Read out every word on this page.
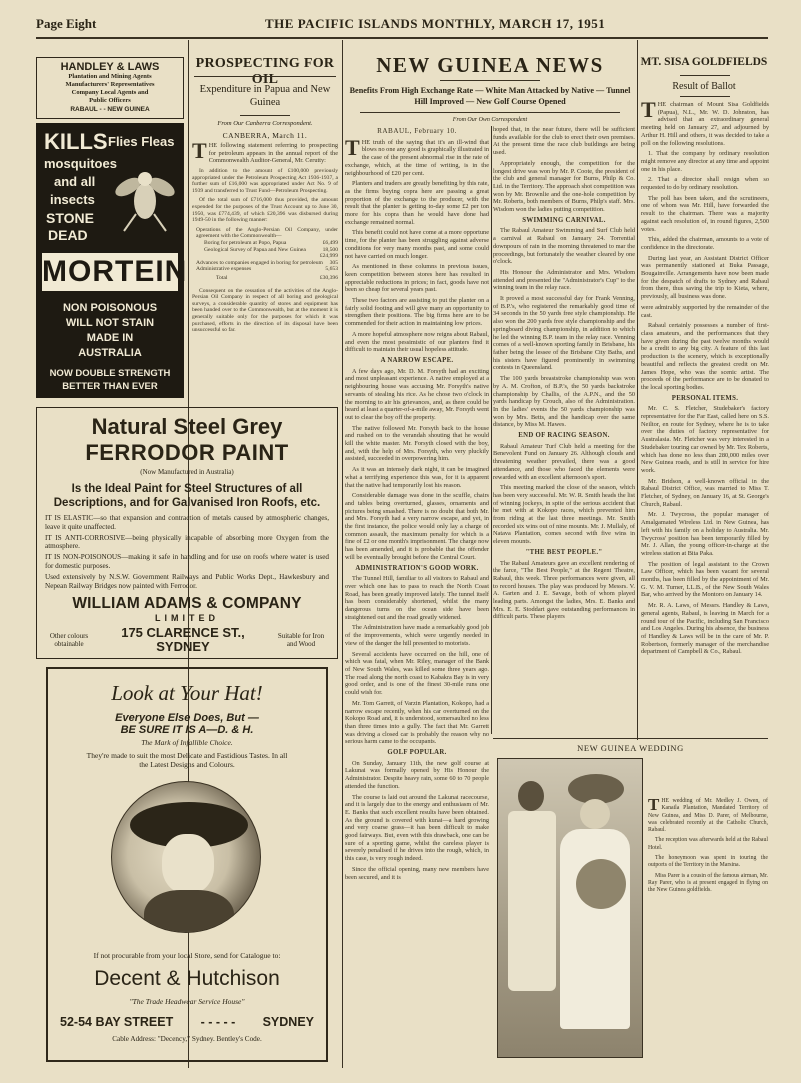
Page Eight	THE PACIFIC ISLANDS MONTHLY, MARCH 17, 1951
HANDLEY & LAWS
Plantation and Mining Agents
Manufacturers' Representatives
Company Local Agents and
Public Officers
RABAUL - - NEW GUINEA
KILLS Flies Fleas
mosquitoes
and all
insects
STONE
DEAD
MORTEIN
NON POISONOUS
WILL NOT STAIN
MADE IN
AUSTRALIA
NOW DOUBLE STRENGTH
BETTER THAN EVER
PROSPECTING FOR OIL
Expenditure in Papua and New Guinea
From Our Canberra Correspondent.
CANBERRA, March 11.

THE following statement referring to prospecting for petroleum appears in the annual report of the Commonwealth Auditor-General, Mr. Cerutty:

In addition to the amount of £100,000 previously appropriated under the Petroleum Prospecting Act 1936-1937, a further sum of £16,000 was appropriated under Act No. 9 of 1939 and transferred to Trust Fund—Petroleum Prospecting.

Of the total sum of £716,000 thus provided, the amount expended for the purposes of the Trust Account up to June 30, 1950, was £774,439, of which £20,396 was disbursed during 1949-50 in the following manner:

Operations of the Anglo-Persian Oil Company, under agreement with the Commonwealth—
Boring for petroleum at Popo, Papua	£6,499
Geological Survey of Papua and New Guinea	18,500
£24,999
Advances to companies engaged in boring for petroleum 305
Administrative expenses	5,653
Total	£30,396

Consequent on the cessation of the activities of the Anglo-Persian Oil Company in respect of all boring and geological surveys, a considerable quantity of stores and equipment has been handed over to the Commonwealth, but at the moment it is generally suitable only for the purposes for which it was purchased, efforts in the direction of its disposal have been unsuccessful so far.

Natural Steel Grey
FERRODOR PAINT
(Now Manufactured in Australia)
Is the Ideal Paint for Steel Structures of all Descriptions, and for Galvanised Iron Roofs, etc.
IT IS ELASTIC—so that expansion and contraction of metals caused by atmospheric changes, leave it quite unaffected.
IT IS ANTI-CORROSIVE—being physically incapable of absorbing more Oxygen from the atmosphere.
IT IS NON-POISONOUS—making it safe in handling and for use on roofs where water is used for domestic purposes.
Used extensively by N.S.W. Government Railways and Public Works Dept., Hawkesbury and Nepean Railway Bridges now painted with Ferrodor.
WILLIAM ADAMS & COMPANY
LIMITED
Other colours obtainable
175 CLARENCE ST.,
SYDNEY
Suitable for Iron and Wood
Look at Your Hat!
Everyone Else Does, But —
BE SURE IT IS A—D. & H.
The Mark of Infallible Choice.
They're made to suit the most Delicate and Fastidious Tastes. In all
the Latest Designs and Colours.
If not procurable from your local Store, send for Catalogue to:
Decent & Hutchison
"The Trade Headwear Service House"
52-54 BAY STREET - - - - - SYDNEY
Cable Address: "Decency," Sydney. Bentley's Code.
NEW GUINEA NEWS
Benefits From High Exchange Rate — White Man Attacked by Native — Tunnel Hill Improved — New Golf Course Opened
From Our Own Correspondent
RABAUL, February 10.

THE truth of the saying that it's an ill-wind that blows no one any good is graphically illustrated in the case of the present abnormal rise in the rate of exchange, which, at the time of writing, is in the neighbourhood of £20 per cent.

Planters and traders are greatly benefiting by this rate, as the firms buying copra here are passing a great proportion of the exchange to the producer, with the result that the planter is getting to-day some £2 per ton more for his copra than he would have done had exchange remained normal.

This benefit could not have come at a more opportune time, for the planter has been struggling against adverse conditions for very many months past, and some could not have carried on much longer.

As mentioned in these columns in previous issues, keen competition between stores here has resulted in appreciable reductions in prices; in fact, goods have not been so cheap for several years past.

These two factors are assisting to put the planter on a fairly solid footing and will give many an opportunity to strengthen their positions. The big firms here are to be commended for their action in maintaining low prices.

A more hopeful atmosphere now reigns about Rabaul, and even the most pessimistic of our planters find it difficult to maintain their usual hopeless attitude.

A NARROW ESCAPE.

A few days ago, Mr. D. M. Forsyth had an exciting and most unpleasant experience. A native employed at a neighbouring house was accusing Mr. Forsyth's native servants of stealing his rice. As he chose two o'clock in the morning to air his grievances, and, as there could be heard at least a quarter-of-a-mile away, Mr. Forsyth went out to clear the boy off the property.

The native followed Mr. Forsyth back to the house and rushed on to the verandah shouting that he would kill the white master. Mr. Forsyth closed with the boy, and, with the help of Mrs. Forsyth, who very pluckily assisted, succeeded in overpowering him.

As it was an intensely dark night, it can be imagined what a terrifying experience this was, for it is apparent that the native had temporarily lost his reason.

Considerable damage was done in the scuffle, chairs and tables being overturned, glasses, ornaments and pictures being smashed. There is no doubt that both Mr. and Mrs. Forsyth had a very narrow escape, and yet, in the first instance, the police would only lay a charge of common assault, the maximum penalty for which is a fine of £2 or one month's imprisonment. The charge now has been amended, and it is probable that the offender will be eventually brought before the Central Court.

ADMINISTRATION'S GOOD WORK.

The Tunnel Hill, familiar to all visitors to Rabaul and over which one has to pass to reach the North Coast Road, has been greatly improved lately. The tunnel itself has been considerably shortened, whilst the many dangerous turns on the ocean side have been straightened out and the road greatly widened.

The Administration have made a remarkably good job of the improvements, which were urgently needed in view of the danger the hill presented to motorists.

Several accidents have occurred on the hill, one of which was fatal, when Mr. Riley, manager of the Bank of New South Wales, was killed some three years ago. The road along the north coast to Kabakra Bay is in very good order, and is one of the finest 30-mile runs one could wish for.

Mr. Tom Garrett, of Varzin Plantation, Kokopo, had a narrow escape recently, when his car overturned on the Kokopo Road and, it is understood, somersaulted no less than three times into a gully. The fact that Mr. Garrett was driving a closed car is probably the reason why no serious harm came to the occupants.

GOLF POPULAR.

On Sunday, January 11th, the new golf course at Lakunai was formally opened by His Honour the Administrator. Despite heavy rain, some 60 to 70 people attended the function.

The course is laid out around the Lakunai racecourse, and it is largely due to the energy and enthusiasm of Mr. E. Banks that such excellent results have been obtained. As the ground is covered with kunai—a hard growing and very coarse grass—it has been difficult to make good fairways. But, even with this drawback, one can be sure of a sporting game, whilst the careless player is severely penalised if he drives into the rough, which, in this case, is very rough indeed.

Since the official opening, many new members have been secured, and it is

hoped that, in the near future, there will be sufficient funds available for the club to erect their own premises. At the present time the race club buildings are being used.

Appropriately enough, the competition for the longest drive was won by Mr. P. Coote, the president of the club and general manager for Burns, Philp & Co. Ltd. in the Territory. The approach shot competition was won by Mr. Brownlie and the one-hole competition by Mr. Roberts, both members of Burns, Philp's staff. Mrs. Wisdom won the ladies putting competition.

SWIMMING CARNIVAL.

The Rabaul Amateur Swimming and Surf Club held a carnival at Rabaul on January 24. Torrential downpours of rain in the morning threatened to mar the proceedings, but fortunately the weather cleared by one o'clock.

His Honour the Administrator and Mrs. Wisdom attended and presented the "Administrator's Cup" to the winning team in the relay race.

It proved a most successful day for Frank Venning, of B.P.'s, who registered the remarkably good time of 34 seconds in the 50 yards free style championship. He also won the 200 yards free style championship and the springboard diving championship, in addition to which he led the winning B.P. team in the relay race. Venning comes of a well-known sporting family in Brisbane, his father being the lessee of the Brisbane City Baths, and his sisters have figured prominently in swimming contests in Queensland.

The 100 yards breaststroke championship was won by A. M. Crofton, of B.P.'s, the 50 yards backstroke championship by Challis, of the A.P.N., and the 50 yards handicap by Crouch, also of the Administration. In the ladies' events the 50 yards championship was won by Mrs. Betts, and the handicap over the same distance, by Miss M. Hawes.

END OF RACING SEASON.

Rabaul Amateur Turf Club held a meeting for the Benevolent Fund on January 26. Although clouds and threatening weather prevailed, there was a good attendance, and those who faced the elements were rewarded with an excellent afternoon's sport.

This meeting marked the close of the season, which has been very successful. Mr. W. R. Smith heads the list of winning jockeys, in spite of the serious accident that he met with at Kokopo races, which prevented him from riding at the last three meetings. Mr. Smith recorded six wins out of nine mounts. Mr. J. Mullaly, of Natava Plantation, comes second with five wins in eleven mounts.

"THE BEST PEOPLE."

The Rabaul Amateurs gave an excellent rendering of the farce, "The Best People," at the Regent Theatre, Rabaul, this week. Three performances were given, all to record houses. The play was produced by Messrs. V. A. Garten and J. E. Savage, both of whom played leading parts. Amongst the ladies, Mrs. E. Banks and Mrs. E. E. Stoddart gave outstanding performances in difficult parts. These players

MT. SISA GOLDFIELDS
Result of Ballot

THE chairman of Mount Sisa Goldfields (Papua), N.L., Mr. W. D. Johnston, has advised that an extraordinary general meeting held on January 27, and adjourned by Arthur H. Hill and others, it was decided to take a poll on the following resolutions.

1. That the company by ordinary resolution might remove any director at any time and appoint one in his place.

2. That a director shall resign when so requested to do by ordinary resolution.

The poll has been taken, and the scrutineers, one of whom was Mr. Hill, have forwarded the result to the chairman. There was a majority against each resolution of, in round figures, 2,500 votes.

This, added the chairman, amounts to a vote of confidence in the directorate.

During last year, an Assistant District Officer was permanently stationed at Buka Passage, Bougainville. Arrangements have now been made for the despatch of drafts to Sydney and Rabaul from there, thus saving the trip to Kieta, where, previously, all business was done.

were admirably supported by the remainder of the cast.

Rabaul certainly possesses a number of first-class amateurs, and the performances that they have given during the past twelve months would be a credit to any big city. A feature of this last production is the scenery, which is exceptionally beautiful and reflects the greatest credit on Mr. James Hope, who was the scenic artist. The proceeds of the performance are to be donated to the local sporting bodies.

PERSONAL ITEMS.

Mr. C. S. Fletcher, Studebaker's factory representative for the Far East, called here on S.S. Neiltor, en route for Sydney, where he is to take over the duties of factory representative for Australasia. Mr. Fletcher was very interested in a Studebaker touring car owned by Mr. Tex Roberts, which has done no less than 280,000 miles over New Guinea roads, and is still in service for hire work.

Mr. Bridson, a well-known official in the Rabaul District Office, was married to Miss T. Fletcher, of Sydney, on January 16, at St. George's Church, Rabaul.

Mr. J. Twycross, the popular manager of Amalgamated Wireless Ltd. in New Guinea, has left with his family on a holiday to Australia. Mr. Twycross' position has been temporarily filled by Mr. J. Allan, the young officer-in-charge at the wireless station at Bita Paka.

The position of legal assistant to the Crown Law Officer, which has been vacant for several months, has been filled by the appointment of Mr. G. V. M. Turner, LL.B., of the New South Wales Bar, who arrived by the Montoro on January 14.

Mr. R. A. Laws, of Messrs. Handley & Laws, general agents, Rabaul, is leaving in March for a round tour of the Pacific, including San Francisco and Los Angeles. During his absence, the business of Handley & Laws will be in the care of Mr. P. Robertson, formerly manager of the merchandise department of Campbell & Co., Rabaul.

NEW GUINEA WEDDING

THE wedding of Mr. Medley J. Owen, of Kanaila Plantation, Mandated Territory of New Guinea, and Miss D. Parer, of Melbourne, was celebrated recently at the Catholic Church, Rabaul.

The reception was afterwards held at the Rabaul Hotel.

The honeymoon was spent in touring the outports of the Territory in the Marsina.

Miss Parer is a cousin of the famous airman, Mr. Ray Parer, who is at present engaged in flying on the New Guinea goldfields.
